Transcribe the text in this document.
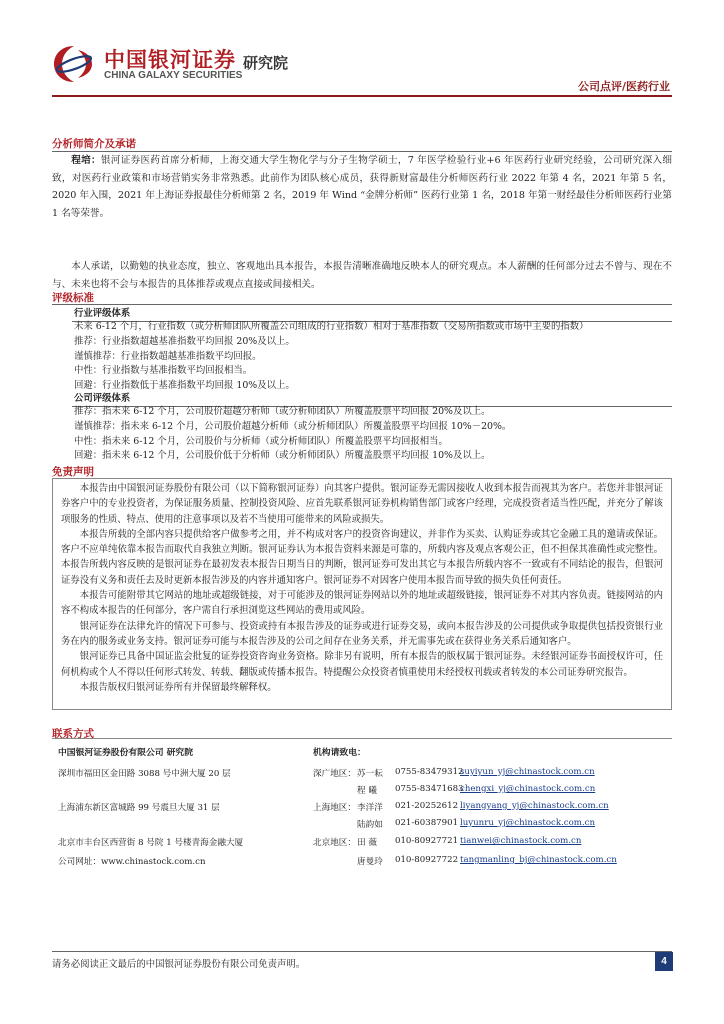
中国银河证券
CHINA GALAXY SECURITIES
研究院
公司点评/医药行业
分析师简介及承诺
程培：银河证券医药首席分析师，上海交通大学生物化学与分子生物学硕士，7 年医学检验行业+6 年医药行业研究经验，公司研究深入细致，对医药行业政策和市场营销实务非常熟悉。此前作为团队核心成员，获得新财富最佳分析师医药行业 2022 年第 4 名，2021 年第 5 名，2020 年入围，2021 年上海证券报最佳分析师第 2 名，2019 年 Wind “金牌分析师” 医药行业第 1 名，2018 年第一财经最佳分析师医药行业第 1 名等荣誉。
本人承诺，以勤勉的执业态度，独立、客观地出具本报告，本报告清晰准确地反映本人的研究观点。本人薪酬的任何部分过去不曾与、现在不与、未来也将不会与本报告的具体推荐或观点直接或间接相关。
评级标准
行业评级体系
未来 6-12 个月，行业指数（或分析师团队所覆盖公司组成的行业指数）相对于基准指数（交易所指数或市场中主要的指数）
推荐：行业指数超越基准指数平均回报 20%及以上。
谨慎推荐：行业指数超越基准指数平均回报。
中性：行业指数与基准指数平均回报相当。
回避：行业指数低于基准指数平均回报 10%及以上。
公司评级体系
推荐：指未来 6-12 个月，公司股价超越分析师（或分析师团队）所覆盖股票平均回报 20%及以上。
谨慎推荐：指未来 6-12 个月，公司股价超越分析师（或分析师团队）所覆盖股票平均回报 10%－20%。
中性：指未来 6-12 个月，公司股价与分析师（或分析师团队）所覆盖股票平均回报相当。
回避：指未来 6-12 个月，公司股价低于分析师（或分析师团队）所覆盖股票平均回报 10%及以上。
免责声明

本报告由中国银河证券股份有限公司（以下简称银河证券）向其客户提供。银河证券无需因接收人收到本报告而视其为客户。若您并非银河证券客户中的专业投资者，为保证服务质量、控制投资风险、应首先联系银河证券机构销售部门或客户经理，完成投资者适当性匹配，并充分了解该项服务的性质、特点、使用的注意事项以及若不当使用可能带来的风险或损失。

本报告所载的全部内容只提供给客户做参考之用，并不构成对客户的投资咨询建议，并非作为买卖、认购证券或其它金融工具的邀请或保证。客户不应单纯依靠本报告而取代自我独立判断。银河证券认为本报告资料来源是可靠的，所载内容及观点客观公正，但不担保其准确性或完整性。本报告所载内容反映的是银河证券在最初发表本报告日期当日的判断，银河证券可发出其它与本报告所载内容不一致或有不同结论的报告，但银河证券没有义务和责任去及时更新本报告涉及的内容并通知客户。银河证券不对因客户使用本报告而导致的损失负任何责任。

本报告可能附带其它网站的地址或超级链接，对于可能涉及的银河证券网站以外的地址或超级链接，银河证券不对其内容负责。链接网站的内容不构成本报告的任何部分，客户需自行承担浏览这些网站的费用或风险。

银河证券在法律允许的情况下可参与、投资或持有本报告涉及的证券或进行证券交易，或向本报告涉及的公司提供或争取提供包括投资银行业务在内的服务或业务支持。银河证券可能与本报告涉及的公司之间存在业务关系，并无需事先或在获得业务关系后通知客户。

银河证券已具备中国证监会批复的证券投资咨询业务资格。除非另有说明，所有本报告的版权属于银河证券。未经银河证券书面授权许可，任何机构或个人不得以任何形式转发、转载、翻版或传播本报告。特提醒公众投资者慎重使用未经授权刊载或者转发的本公司证券研究报告。

本报告版权归银河证券所有并保留最终解释权。

联系方式
中国银河证券股份有限公司 研究院	机构请致电：
深圳市福田区金田路 3088 号中洲大厦 20 层
上海浦东新区富城路 99 号震旦大厦 31 层
北京市丰台区西营街 8 号院 1 号楼青海金融大厦
公司网址：www.chinastock.com.cn
深广地区： 苏一耘 0755-83479312
suyiyun_yj@chinastock.com.cn
程 曦 0755-83471683
chengxi_yj@chinastock.com.cn
上海地区： 李洋洋 021-20252612 liyangyang_yj@chinastock.com.cn
陆韵如 021-60387901 luyunru_yj@chinastock.com.cn
北京地区： 田 薇 010-80927721 tianwei@chinastock.com.cn
唐曼玲 010-80927722 tangmanling_bj@chinastock.com.cn
请务必阅读正文最后的中国银河证券股份有限公司免责声明。	4
